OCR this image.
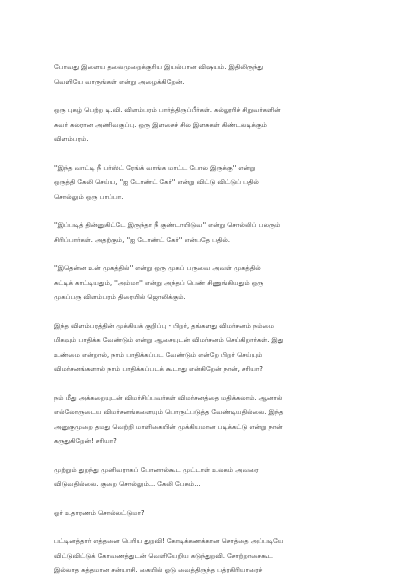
போவது இளைய தலைமுறைக்குரிய இயல்பான விஷயம். இதிலிருந்து
வெளியே வாருங்கள் என்று அழைக்கிறேன்.

ஒரு புகழ் பெற்ற டி.வி. விளம்பரம் பார்த்திருப்பீர்கள். கல்லூரிச் சிறுவர்களின்
சுவர் கலரான அணிவகுப்பு. ஒரு இளசைச் சில இளசுகள் கிண்டலடிக்கும்
விளம்பரம்.

''இந்த வாட்டி நீ பர்ஸ்ட் ரேங்க் வாங்க மாட்ட போல இருக்கு'' என்று
ஒருத்தி கேலி செய்ய, ''ஐ டோண்ட் கேர்'' என்று விட்டு விட்டுப் பதில்
சொல்லும் ஒரு பாப்பா.

''இப்படித் தின்னுகிட்டே இருந்தா நீ குண்டாயிடுவ'' என்று சொல்லிப் பலரும்
சிரிப்பார்கள். அதற்கும், ''ஐ டோண்ட் கேர்'' என்பதே பதில்.

''இதென்ன உன் முகத்தில்'' என்று ஒரு முகப் பருவை அவள் முகத்தில்
சுட்டிக் காட்டியதும், ''அம்மா'' என்று அந்தப் பெண் சிணுங்கியதும் ஒரு
முகப்பரு விளம்பரம் திரையில் ஜொலிக்கும்.

இந்த விளம்பரத்தின் முக்கியக் குறிப்பு - பிறர், தங்களது விமர்சனம் நம்மை
மிகவும் பாதிக்க வேண்டும் என்று ஆசையுடன் விமர்சனம் செய்கிறார்கள். இது
உண்மை என்றால், நாம் பாதிக்கப்பட வேண்டும் என்றே பிறர் செய்யும்
விமர்சனங்களால் நாம் பாதிக்கப்படக் கூடாது என்கிறேன் நான், சரியா?

நம் மீது அக்கறையுடன் விமர்சிப்பவர்கள் விமர்சனத்தை மதிக்கலாம். ஆனால்
எல்லோருடைய விமர்சனங்களையும் பொருட்படுத்த வேண்டியதில்லை. இந்த
அனுகுமுறை தமது வெற்றி மாளிகையின் முக்கியமான படிக்கட்டு என்று நான்
கருதுகிறேன்! சரியா?

முற்றும் துறந்து முனிவராகப் போனால்கூட முட்டாள் உலகம் அவரை
விடுவதில்லை. குறை சொல்லும்... கேலி பேசும்...

ஓர் உதாரணம் சொல்லட்டுமா?

பட்டினத்தார் எத்தனை பெரிய துறவி! கோடிக்கணக்கான சொத்தை அப்படியே
விட்டுவிட்டுக் கோவணத்துடன் வெளியேறிய கடுந்துறவி. சோற்றாசைகூட
இல்லாத சுத்தமான சன்யாசி. கையில் ஓடு வைத்திருந்த பத்ரகிரியாரைச்
